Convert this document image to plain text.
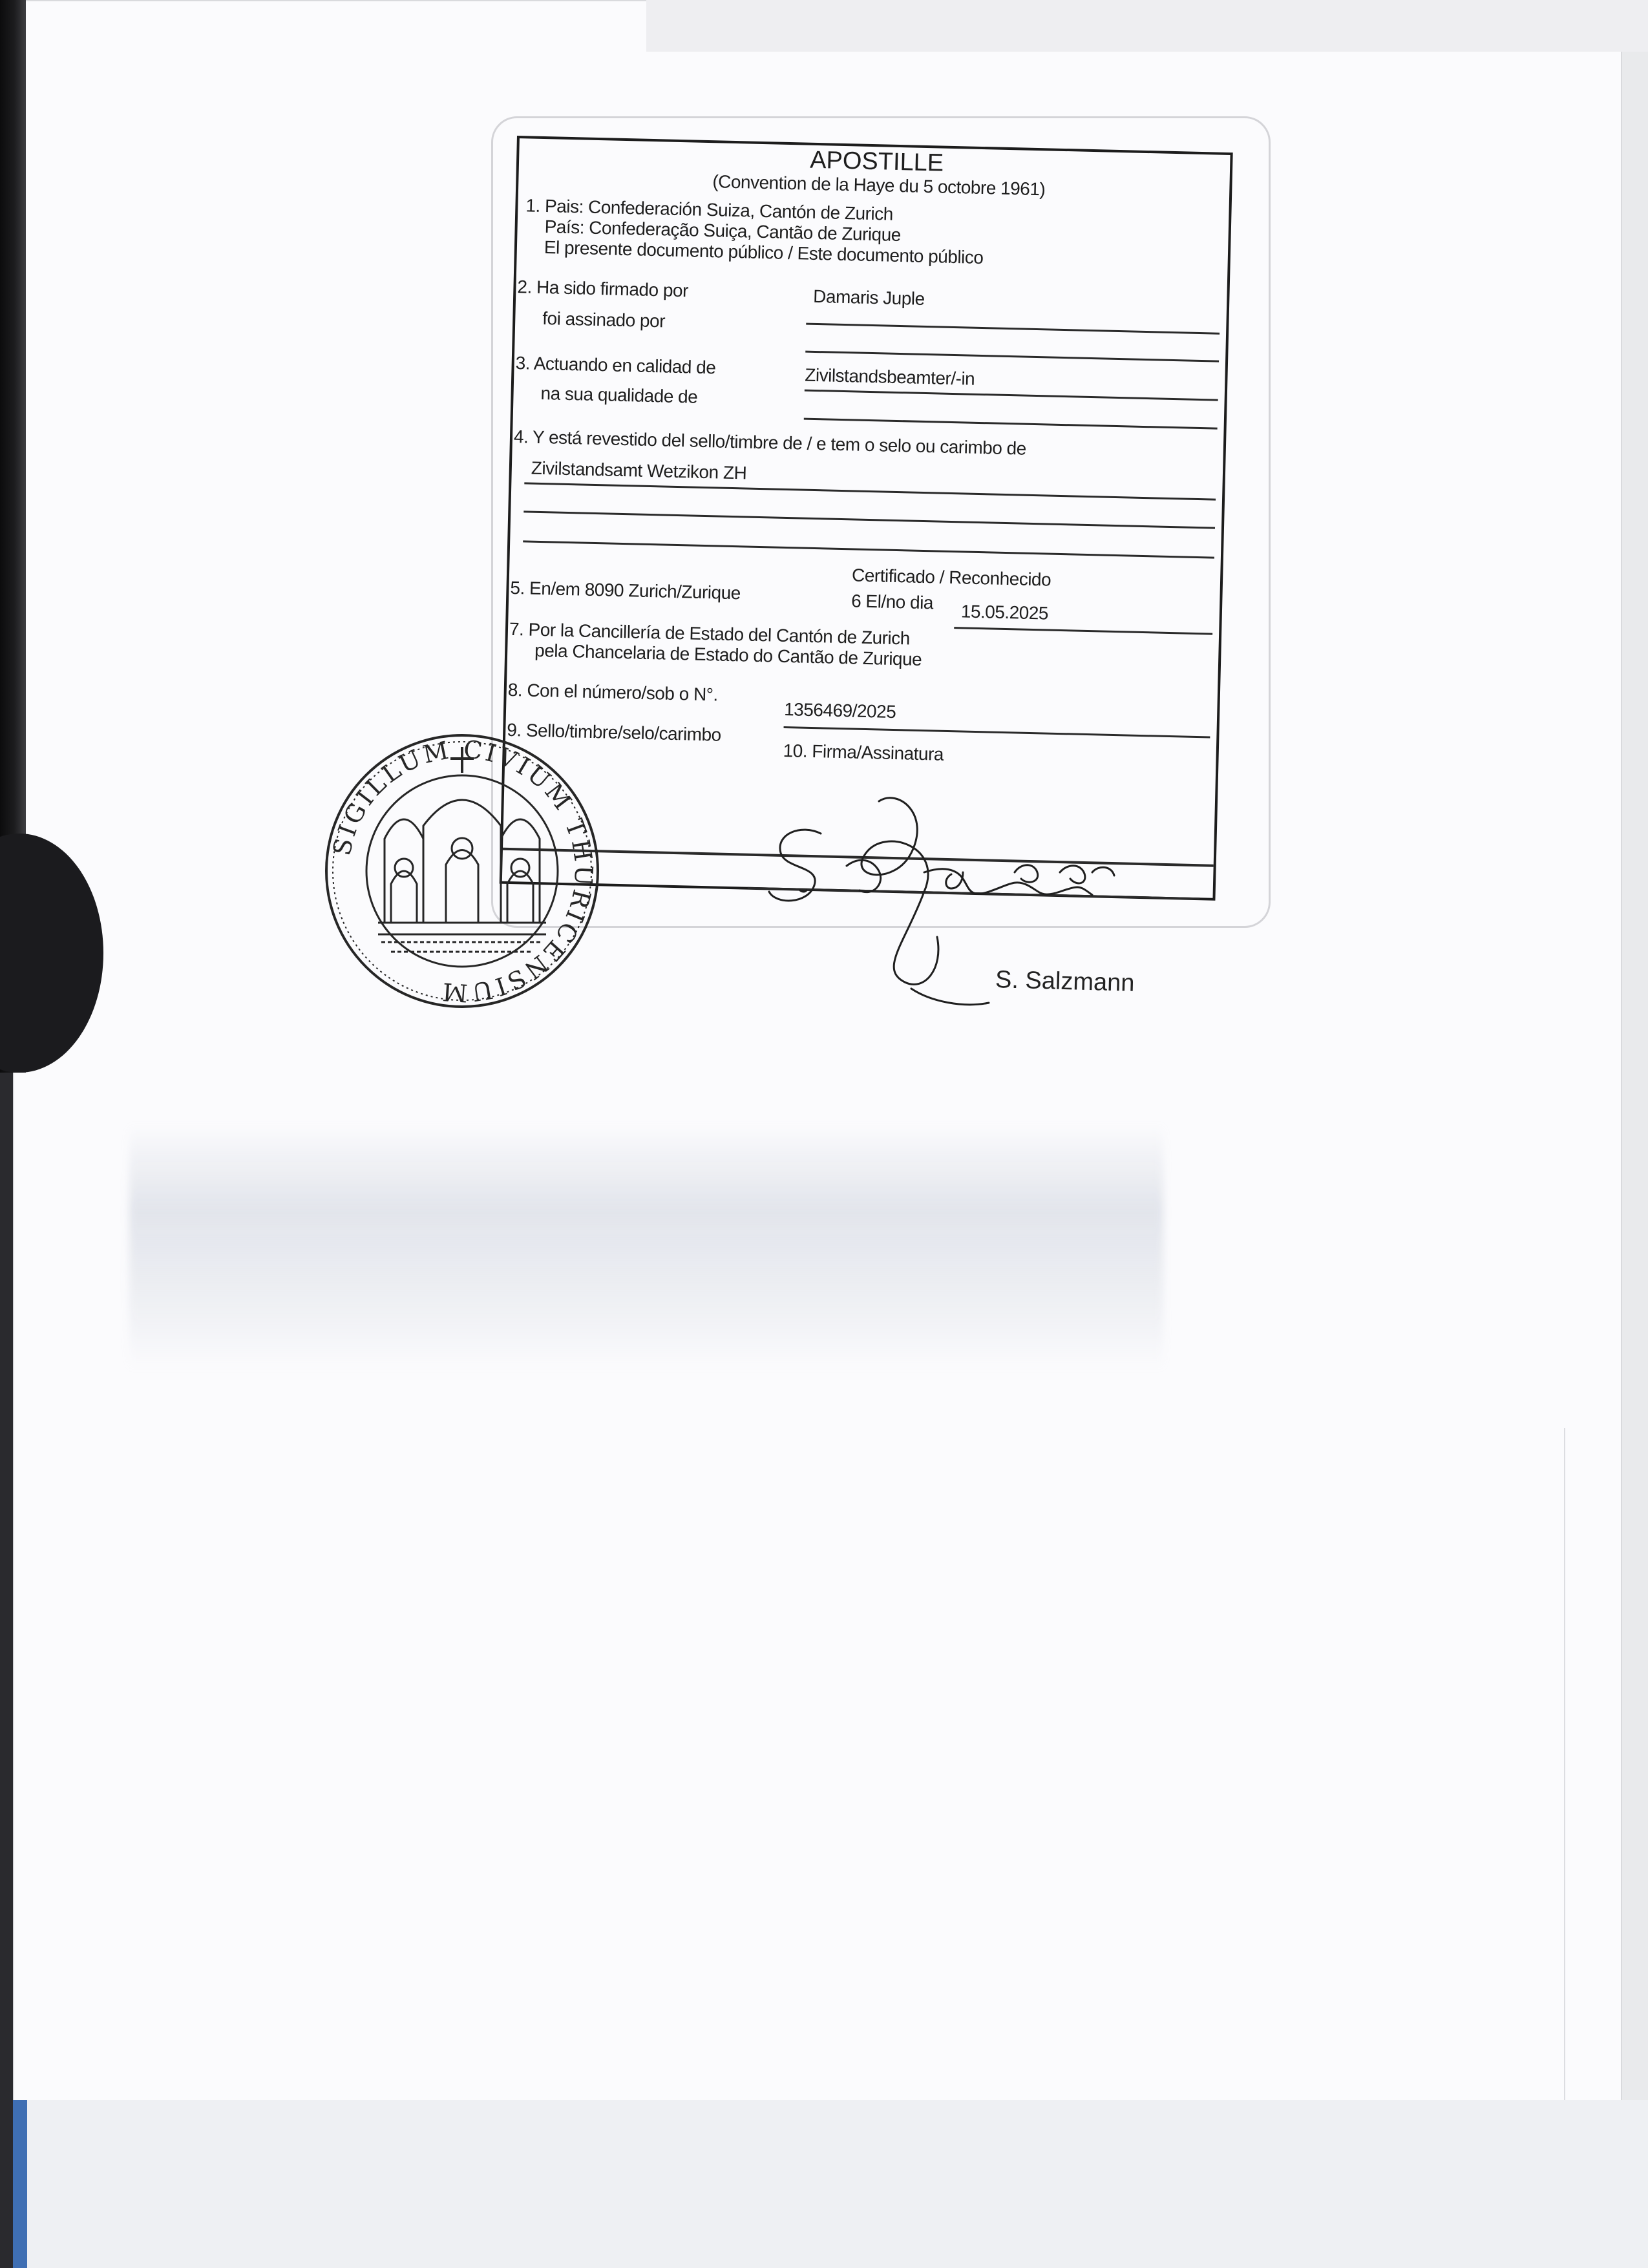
APOSTILLE
(Convention de la Haye du 5 octobre 1961)
1. Pais: Confederación Suiza, Cantón de Zurich
País: Confederação Suiça, Cantão de Zurique
El presente documento público / Este documento público
2. Ha sido firmado por	Damaris Juple
foi assinado por
3. Actuando en calidad de	Zivilstandsbeamter/-in
na sua qualidade de
4. Y está revestido del sello/timbre de / e tem o selo ou carimbo de
Zivilstandsamt Wetzikon ZH
Certificado / Reconhecido
5. En/em 8090 Zurich/Zurique	6 El/no dia 15.05.2025
7. Por la Cancillería de Estado del Cantón de Zurich
pela Chancelaria de Estado do Cantão de Zurique
8. Con el número/sob o N°.
1356469/2025
9. Sello/timbre/selo/carimbo
10. Firma/Assinatura
S. Salzmann
SIGILLUM CIVIUM THURICENSIUM
